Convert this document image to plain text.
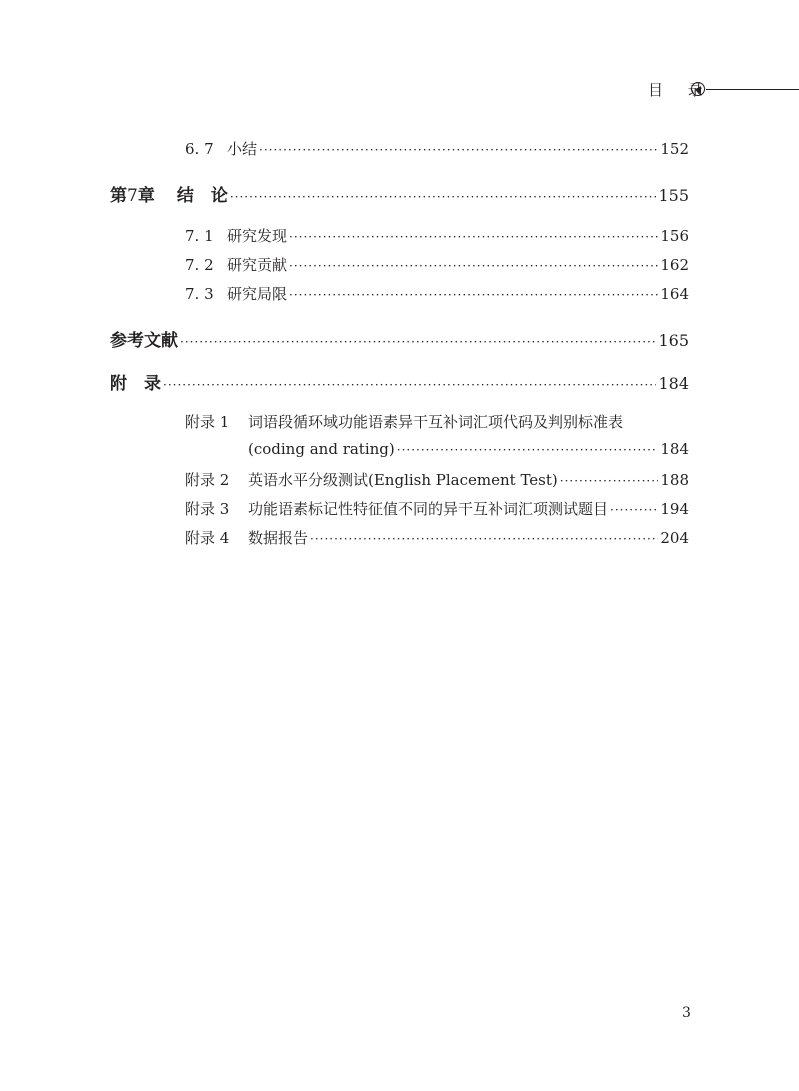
目 录
6. 7 小结 ·····	152
第7章 结　论 ·····	155
7. 1 研究发现 ·····	156
7. 2 研究贡献 ·····	162
7. 3 研究局限 ·····	164
参考文献 ·····	165
附　录 ·····	184
附录 1 词语段循环域功能语素异干互补词汇项代码及判别标准表
(coding and rating) ·····	184
附录 2 英语水平分级测试(English Placement Test) ·····	188
附录 3 功能语素标记性特征值不同的异干互补词汇项测试题目 ·····	194
附录 4 数据报告 ·····	204
3
